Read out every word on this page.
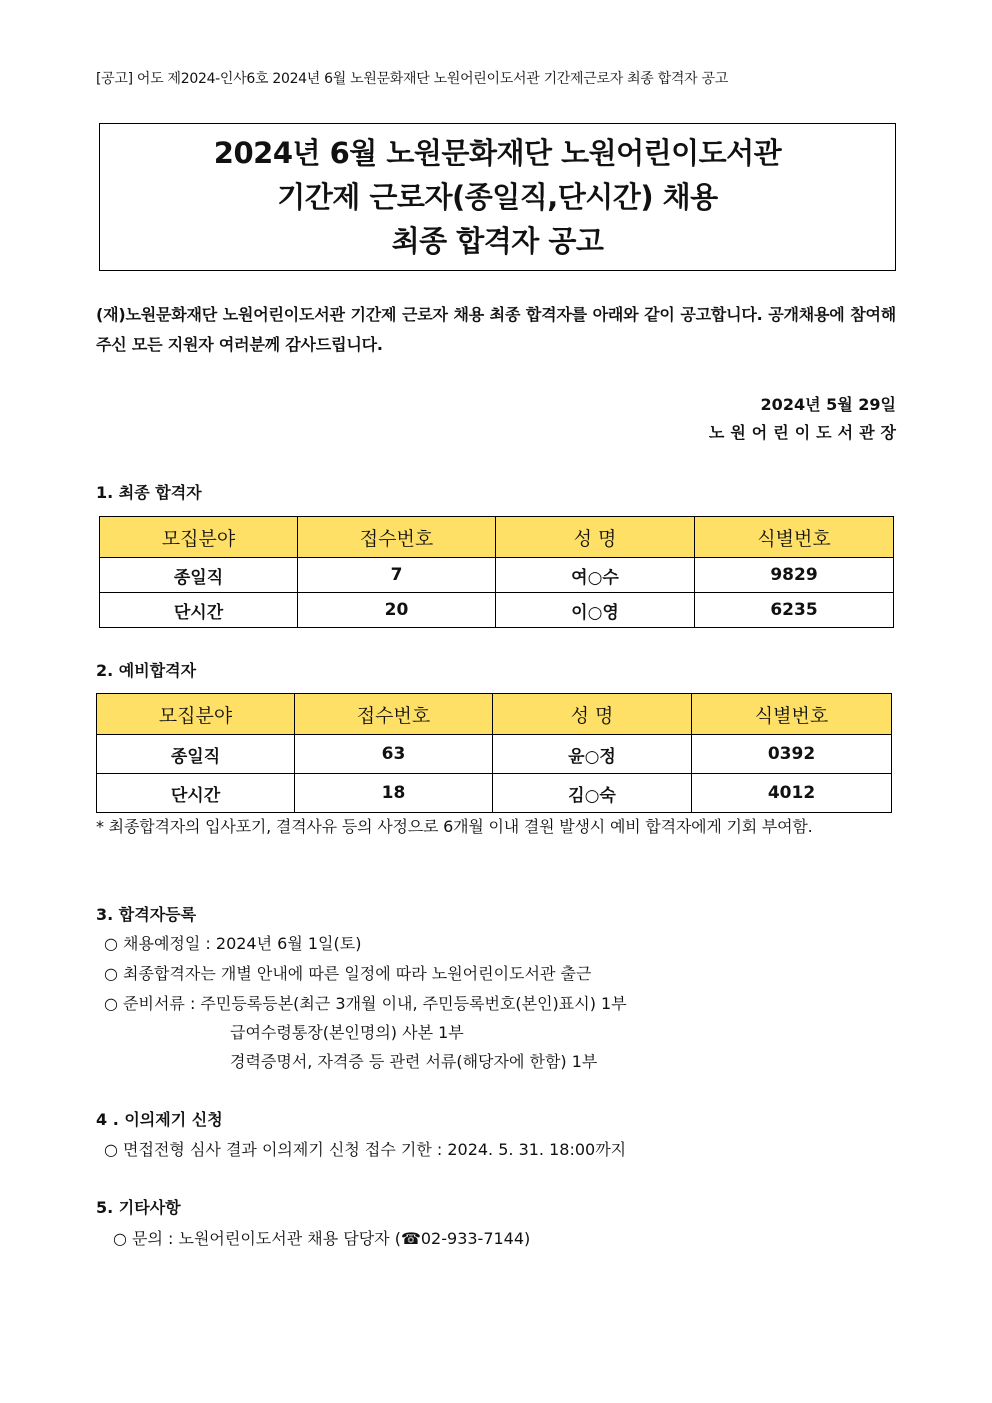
[공고] 어도 제2024-인사6호 2024년 6월 노원문화재단 노원어린이도서관 기간제근로자 최종 합격자 공고
2024년 6월 노원문화재단 노원어린이도서관
기간제 근로자(종일직,단시간) 채용
최종 합격자 공고
(재)노원문화재단 노원어린이도서관 기간제 근로자 채용 최종 합격자를 아래와 같이 공고합니다. 공개채용에 참여해 주신 모든 지원자 여러분께 감사드립니다.
2024년 5월 29일
노원어린이도서관장
1. 최종 합격자
모집분야	접수번호	성 명	식별번호
종일직	7	여○수	9829
단시간	20	이○영	6235
2. 예비합격자
모집분야	접수번호	성 명	식별번호
종일직	63	윤○정	0392
단시간	18	김○숙	4012
* 최종합격자의 입사포기, 결격사유 등의 사정으로 6개월 이내 결원 발생시 예비 합격자에게 기회 부여함.
3. 합격자등록
○ 채용예정일 : 2024년 6월 1일(토)
○ 최종합격자는 개별 안내에 따른 일정에 따라 노원어린이도서관 출근
○ 준비서류 : 주민등록등본(최근 3개월 이내, 주민등록번호(본인)표시) 1부
급여수령통장(본인명의) 사본 1부
경력증명서, 자격증 등 관련 서류(해당자에 한함) 1부
4 . 이의제기 신청
○ 면접전형 심사 결과 이의제기 신청 접수 기한 : 2024. 5. 31. 18:00까지
5. 기타사항
○ 문의 : 노원어린이도서관 채용 담당자 (☎02-933-7144)
